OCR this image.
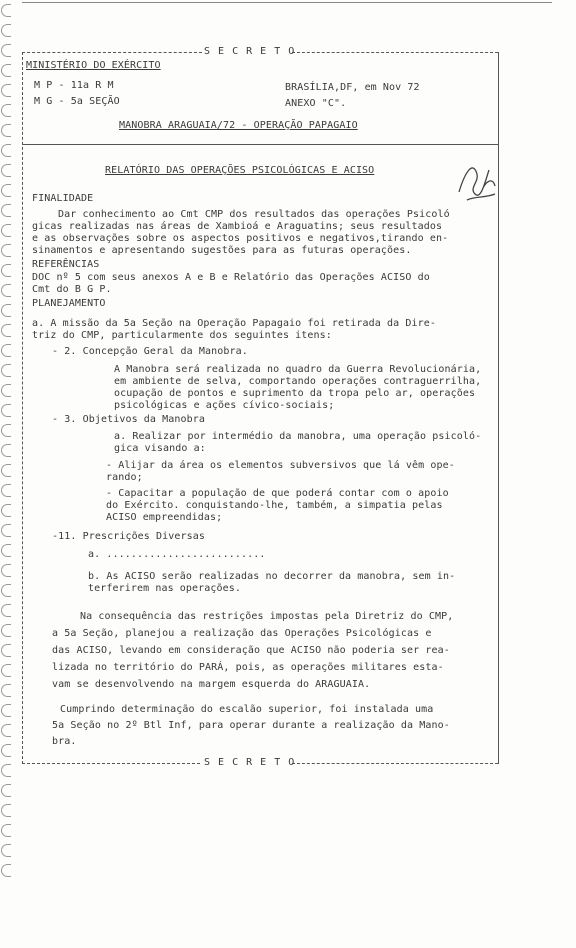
S E C R E T O
S E C R E T O
MINISTÉRIO DO EXÉRCITO
M P - 11a R M
M G - 5a SEÇÃO
BRASÍLIA,DF, em Nov 72
ANEXO "C".
MANOBRA ARAGUAIA/72 - OPERAÇÃO PAPAGAIO
RELATÓRIO DAS OPERAÇÕES PSICOLÓGICAS E ACISO
FINALIDADE
Dar conhecimento ao Cmt CMP dos resultados das operações Psicoló
gicas realizadas nas áreas de Xambioá e Araguatins; seus resultados
e as observações sobre os aspectos positivos e negativos,tirando en-
sinamentos e apresentando sugestões para as futuras operações.
REFERÊNCIAS
DOC nº 5 com seus anexos A e B e Relatório das Operações ACISO do
Cmt do B G P.
PLANEJAMENTO
a. A missão da 5a Seção na Operação Papagaio foi retirada da Dire-
triz do CMP, particularmente dos seguintes itens:
- 2. Concepção Geral da Manobra.
A Manobra será realizada no quadro da Guerra Revolucionária,
em ambiente de selva, comportando operações contraguerrilha,
ocupação de pontos e suprimento da tropa pelo ar, operações
psicológicas e ações cívico-sociais;
- 3. Objetivos da Manobra
a. Realizar por intermédio da manobra, uma operação psicoló-
gica visando a:
- Alijar da área os elementos subversivos que lá vêm ope-
rando;
- Capacitar a população de que poderá contar com o apoio
do Exército. conquistando-lhe, também, a simpatia pelas
ACISO empreendidas;
-11. Prescrições Diversas
a. ..........................
b. As ACISO serão realizadas no decorrer da manobra, sem in-
terferirem nas operações.
Na consequência das restrições impostas pela Diretriz do CMP,
a 5a Seção, planejou a realização das Operações Psicológicas e
das ACISO, levando em consideração que ACISO não poderia ser rea-
lizada no território do PARÁ, pois, as operações militares esta-
vam se desenvolvendo na margem esquerda do ARAGUAIA.
Cumprindo determinação do escalão superior, foi instalada uma
5a Seção no 2º Btl Inf, para operar durante a realização da Mano-
bra.
